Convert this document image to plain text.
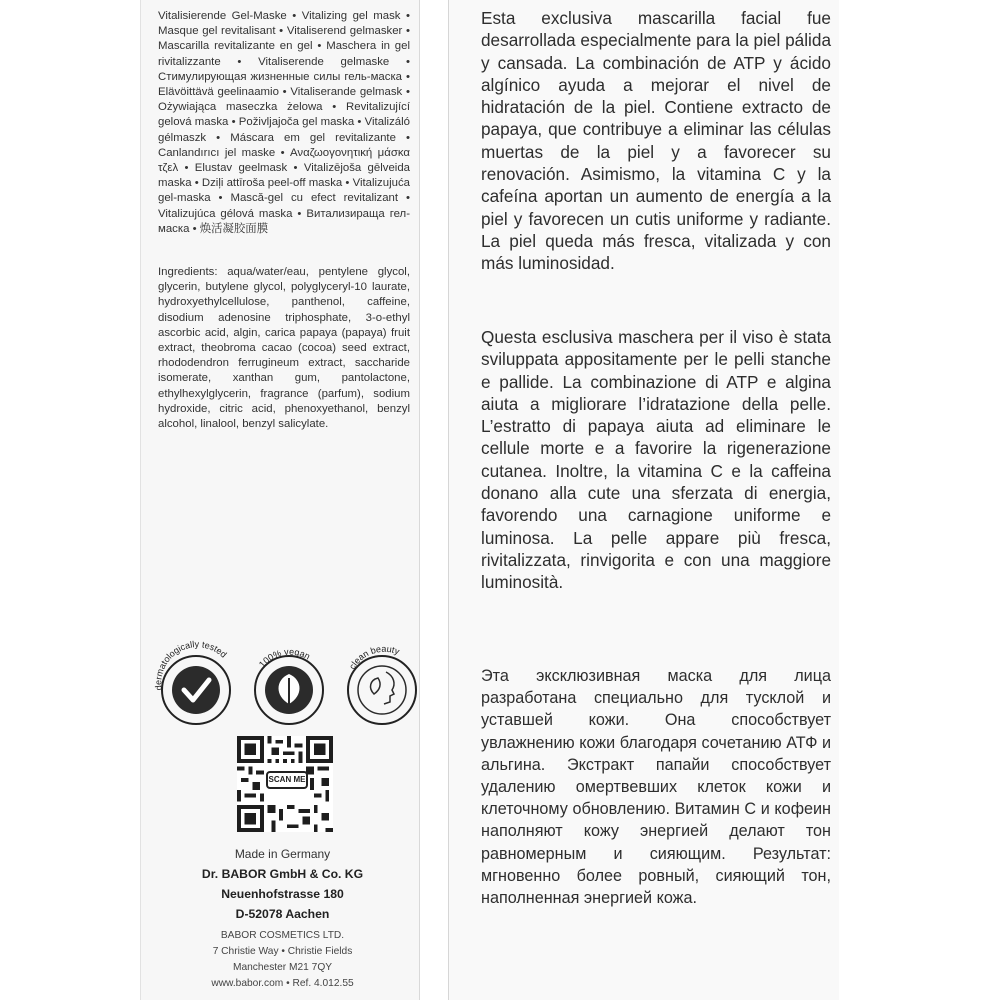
Vitalisierende Gel-Maske • Vitalizing gel mask • Masque gel revitalisant • Vitaliserend gelmasker • Mascarilla revitalizante en gel • Maschera in gel rivitalizzante • Vitaliserende gelmaske • Стимулирующая жизненные силы гель-маска • Elävöittävä geelinaamio • Vitaliserande gelmask • Ożywiająca maseczka żelowa • Revitalizující gelová maska • Poživljajoča gel maska • Vitalizáló gélmaszk • Máscara em gel revitalizante • Canlandırıcı jel maske • Αναζωογονητική μάσκα τζελ • Elustav geelmask • Vitalizējoša gēlveida maska • Dziļi attīroša peel-off maska • Vitalizujuća gel-maska • Mască-gel cu efect revitalizant • Vitalizujúca gélová maska • Витализираща гел-маска • 焕活凝胶面膜
Ingredients: aqua/water/eau, pentylene glycol, glycerin, butylene glycol, polyglyceryl-10 laurate, hydroxyethylcellulose, panthenol, caffeine, disodium adenosine triphosphate, 3-o-ethyl ascorbic acid, algin, carica papaya (papaya) fruit extract, theobroma cacao (cocoa) seed extract, rhododendron ferrugineum extract, saccharide isomerate, xanthan gum, pantolactone, ethylhexylglycerin, fragrance (parfum), sodium hydroxide, citric acid, phenoxyethanol, benzyl alcohol, linalool, benzyl salicylate.
dermatologically tested
100% vegan
clean beauty
SCAN ME
Made in Germany
Dr. BABOR GmbH & Co. KG
Neuenhofstrasse 180
D-52078 Aachen
BABOR COSMETICS LTD.
7 Christie Way • Christie Fields
Manchester M21 7QY
www.babor.com • Ref. 4.012.55

Esta exclusiva mascarilla facial fue desarrollada especialmente para la piel pálida y cansada. La combinación de ATP y ácido algínico ayuda a mejorar el nivel de hidratación de la piel. Contiene extracto de papaya, que contribuye a eliminar las células muertas de la piel y a favorecer su renovación. Asimismo, la vitamina C y la cafeína aportan un aumento de energía a la piel y favorecen un cutis uniforme y radiante. La piel queda más fresca, vitalizada y con más luminosidad.

Questa esclusiva maschera per il viso è stata sviluppata appositamente per le pelli stanche e pallide. La combinazione di ATP e algina aiuta a migliorare l’idratazione della pelle. L’estratto di papaya aiuta ad eliminare le cellule morte e a favorire la rigenerazione cutanea. Inoltre, la vitamina C e la caffeina donano alla cute una sferzata di energia, favorendo una carnagione uniforme e luminosa. La pelle appare più fresca, rivitalizzata, rinvigorita e con una maggiore luminosità.

Эта эксклюзивная маска для лица разработана специально для тусклой и уставшей кожи. Она способствует увлажнению кожи благодаря сочетанию АТФ и альгина. Экстракт папайи способствует удалению омертвевших клеток кожи и клеточному обновлению. Витамин С и кофеин наполняют кожу энергией делают тон равномерным и сияющим. Результат: мгновенно более ровный, сияющий тон, наполненная энергией кожа.
